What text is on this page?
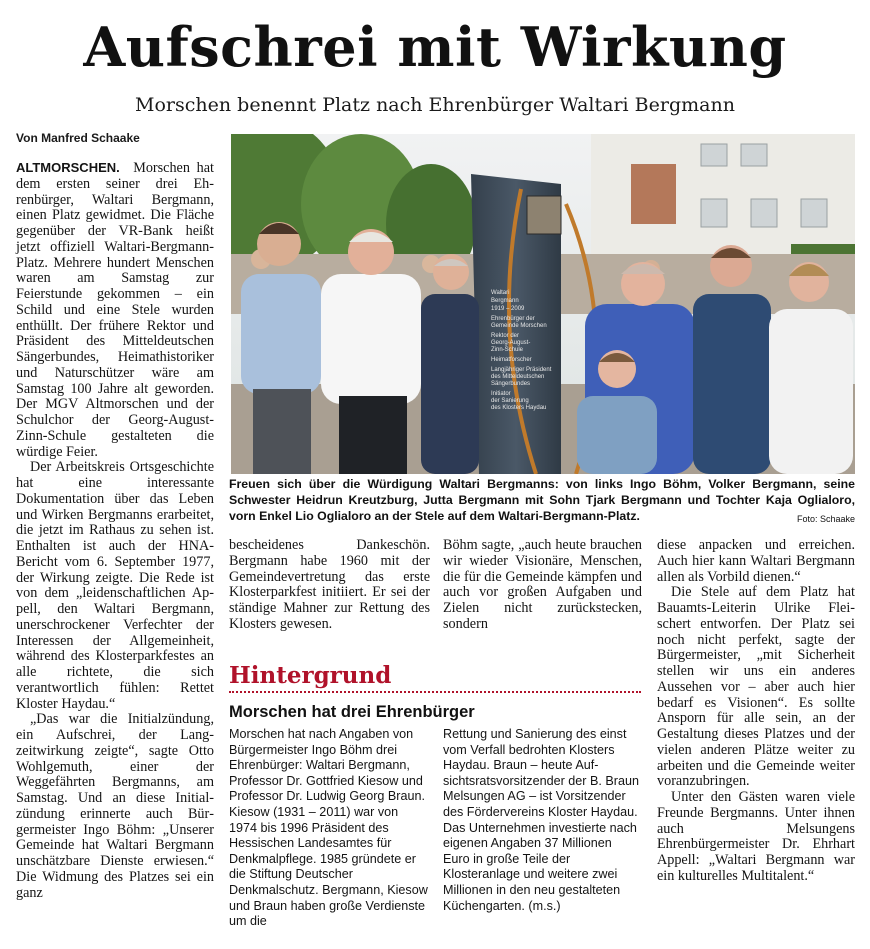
Aufschrei mit Wirkung
Morschen benennt Platz nach Ehrenbürger Waltari Bergmann
Von Manfred Schaake

ALTMORSCHEN. Morschen hat dem ersten seiner drei Ehrenbürger, Waltari Bergmann, einen Platz gewidmet. Die Fläche gegenüber der VR-Bank heißt jetzt offiziell Waltari-Bergmann-Platz. Mehrere hundert Menschen waren am Samstag zur Feierstunde gekommen – ein Schild und eine Stele wurden enthüllt. Der frühere Rektor und Präsident des Mitteldeutschen Sängerbundes, Heimathistoriker und Naturschützer wäre am Samstag 100 Jahre alt geworden. Der MGV Altmorschen und der Schulchor der Georg-August-Zinn-Schule gestalteten die würdige Feier.

Der Arbeitskreis Ortsgeschichte hat eine interessante Dokumentation über das Leben und Wirken Bergmanns erarbeitet, die jetzt im Rathaus zu sehen ist. Enthalten ist auch der HNA-Bericht vom 6. September 1977, der Wirkung zeigte. Die Rede ist von dem „leidenschaftlichen Appell, den Waltari Bergmann, unerschrockener Verfechter der Interessen der Allgemeinheit, während des Klosterparkfestes an alle richtete, die sich verantwortlich fühlen: Rettet Kloster Haydau.“

„Das war die Initialzündung, ein Aufschrei, der Langzeitwirkung zeigte“, sagte Otto Wohlgemuth, einer der Weggefährten Bergmanns, am Samstag. Und an diese Initialzündung erinnerte auch Bürgermeister Ingo Böhm: „Unserer Gemeinde hat Waltari Bergmann unschätzbare Dienste erwiesen.“ Die Widmung des Platzes sei ein ganz

Waltari Bergmann 1919 – 2009 Ehrenbürger der Gemeinde Morschen Rektor der Georg-August- Zinn-Schule Heimatforscher Langjähriger Präsident des Mitteldeutschen Sängerbundes Initiator der Sanierung des Klosters Haydau
Freuen sich über die Würdigung Waltari Bergmanns: von links Ingo Böhm, Volker Bergmann, seine Schwester Heidrun Kreutzburg, Jutta Bergmann mit Sohn Tjark Bergmann und Tochter Kaja Oglialoro, vorn Enkel Lio Oglialoro an der Stele auf dem Waltari-Bergmann-Platz.	Foto: Schaake

bescheidenes Dankeschön. Bergmann habe 1960 mit der Gemeindevertretung das erste Klosterparkfest initiiert. Er sei der ständige Mahner zur Rettung des Klosters gewesen.

Böhm sagte, „auch heute brauchen wir wieder Visionäre, Menschen, die für die Gemeinde kämpfen und auch vor großen Aufgaben und Zielen nicht zurückstecken, sondern

diese anpacken und erreichen. Auch hier kann Waltari Bergmann allen als Vorbild dienen.“

Die Stele auf dem Platz hat Bauamts-Leiterin Ulrike Fleischert entworfen. Der Platz sei noch nicht perfekt, sagte der Bürgermeister, „mit Sicherheit stellen wir uns ein anderes Aussehen vor – aber auch hier bedarf es Visionen“. Es sollte Ansporn für alle sein, an der Gestaltung dieses Platzes und der vielen anderen Plätze weiter zu arbeiten und die Gemeinde weiter voranzubringen.

Unter den Gästen waren viele Freunde Bergmanns. Unter ihnen auch Melsungens Ehrenbürgermeister Dr. Ehrhart Appell: „Waltari Bergmann war ein kulturelles Multitalent.“

Hintergrund
Morschen hat drei Ehrenbürger
Morschen hat nach Angaben von Bürgermeister Ingo Böhm drei Ehrenbürger: Waltari Bergmann, Professor Dr. Gottfried Kiesow und Professor Dr. Ludwig Georg Braun. Kiesow (1931 – 2011) war von 1974 bis 1996 Präsident des Hessischen Landesamtes für Denkmalpflege. 1985 gründete er die Stiftung Deutscher Denkmalschutz. Bergmann, Kiesow und Braun haben große Verdienste um die
Rettung und Sanierung des einst vom Verfall bedrohten Klosters Haydau. Braun – heute Aufsichtsratsvorsitzender der B. Braun Melsungen AG – ist Vorsitzender des Fördervereins Kloster Haydau. Das Unternehmen investierte nach eigenen Angaben 37 Millionen Euro in große Teile der Klosteranlage und weitere zwei Millionen in den neu gestalteten Küchengarten. (m.s.)
